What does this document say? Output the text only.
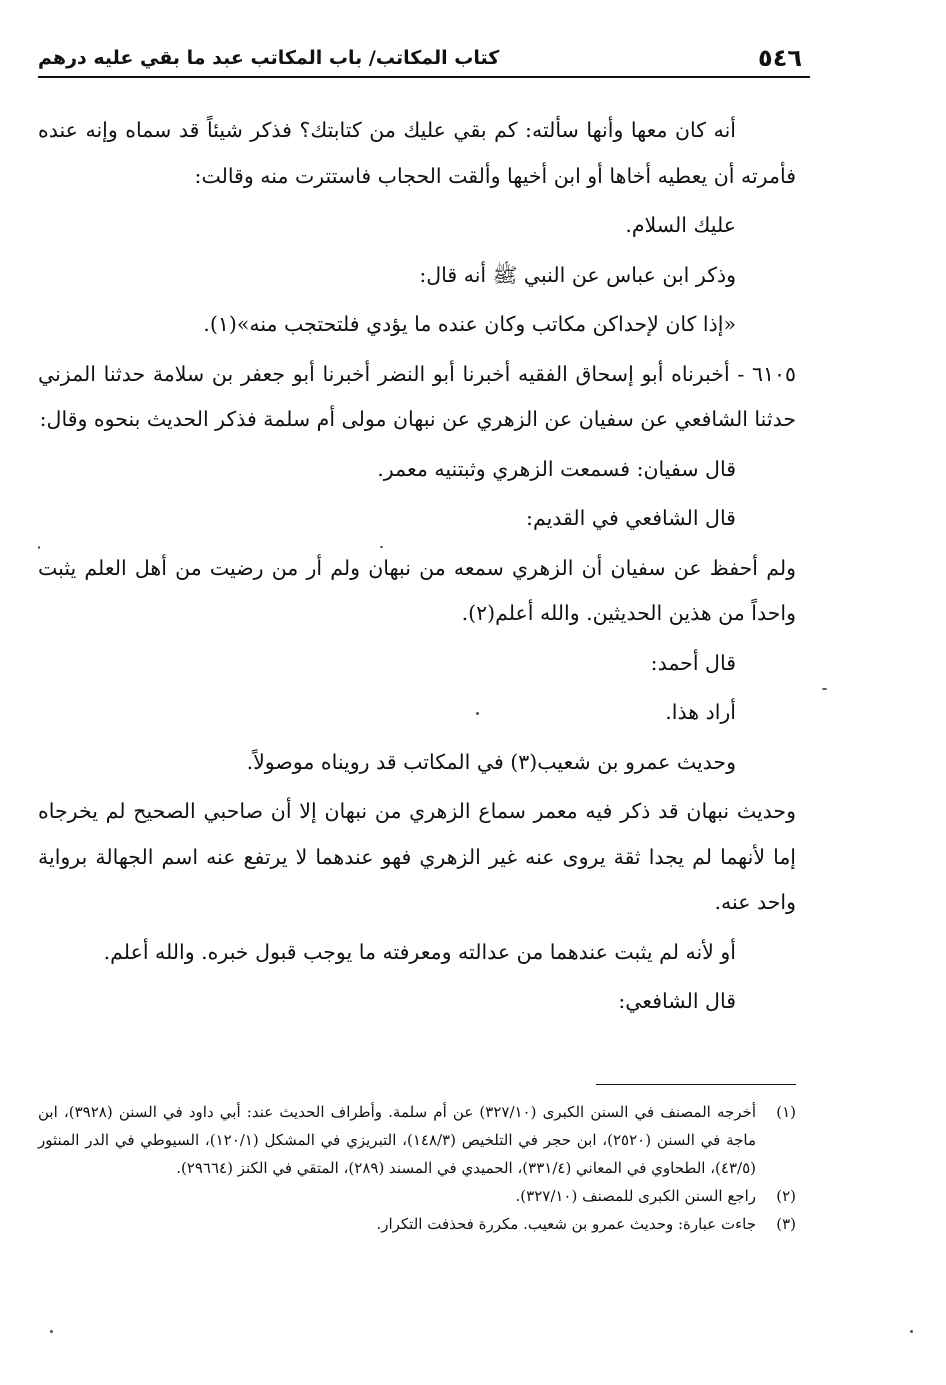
٥٤٦
كتاب المكاتب/ باب المكاتب عبد ما بقي عليه درهم

أنه كان معها وأنها سألته: كم بقي عليك من كتابتك؟ فذكر شيئاً قد سماه وإنه عنده فأمرته أن يعطيه أخاها أو ابن أخيها وألقت الحجاب فاستترت منه وقالت:

عليك السلام.

وذكر ابن عباس عن النبي ﷺ أنه قال:

«إذا كان لإحداكن مكاتب وكان عنده ما يؤدي فلتحتجب منه»(١).

٦١٠٥ - أخبرناه أبو إسحاق الفقيه أخبرنا أبو النضر أخبرنا أبو جعفر بن سلامة حدثنا المزني حدثنا الشافعي عن سفيان عن الزهري عن نبهان مولى أم سلمة فذكر الحديث بنحوه وقال:

قال سفيان: فسمعت الزهري وثبتنيه معمر.

قال الشافعي في القديم:

ولم أحفظ عن سفيان أن الزهري سمعه من نبهان ولم أر من رضيت من أهل العلم يثبت واحداً من هذين الحديثين. والله أعلم(٢).

قال أحمد:

أراد هذا.

وحديث عمرو بن شعيب(٣) في المكاتب قد رويناه موصولاً.

وحديث نبهان قد ذكر فيه معمر سماع الزهري من نبهان إلا أن صاحبي الصحيح لم يخرجاه إما لأنهما لم يجدا ثقة يروى عنه غير الزهري فهو عندهما لا يرتفع عنه اسم الجهالة برواية واحد عنه.

أو لأنه لم يثبت عندهما من عدالته ومعرفته ما يوجب قبول خبره. والله أعلم.

قال الشافعي:

(١)
أخرجه المصنف في السنن الكبرى (٣٢٧/١٠) عن أم سلمة. وأطراف الحديث عند: أبي داود في السنن (٣٩٢٨)، ابن ماجة في السنن (٢٥٢٠)، ابن حجر في التلخيص (١٤٨/٣)، التبريزي في المشكل (١٢٠/١)، السيوطي في الدر المنثور (٤٣/٥)، الطحاوي في المعاني (٣٣١/٤)، الحميدي في المسند (٢٨٩)، المتقي في الكنز (٢٩٦٦٤).
(٢)
راجع السنن الكبرى للمصنف (٣٢٧/١٠).
(٣)
جاءت عبارة: وحديث عمرو بن شعيب. مكررة فحذفت التكرار.
